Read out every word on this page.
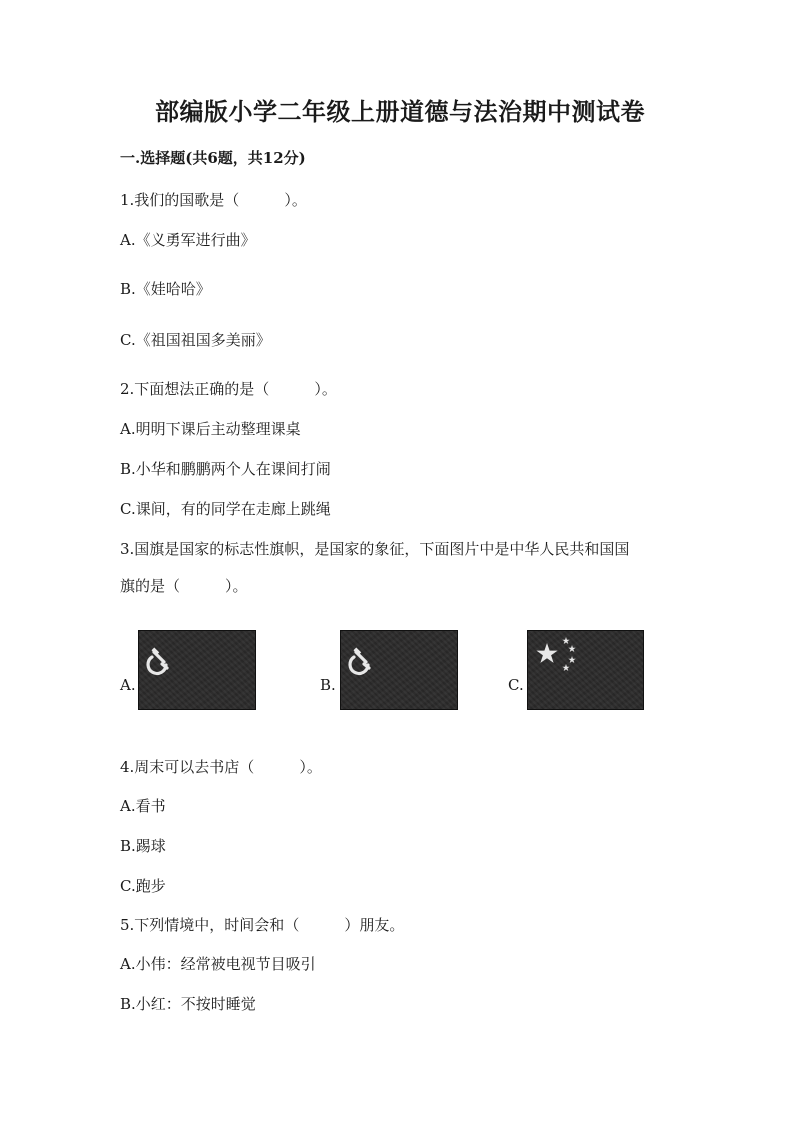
部编版小学二年级上册道德与法治期中测试卷
一.选择题(共6题，共12分)
1.我们的国歌是（　　　）。
A.《义勇军进行曲》
B.《娃哈哈》
C.《祖国祖国多美丽》
2.下面想法正确的是（　　　）。
A.明明下课后主动整理课桌
B.小华和鹏鹏两个人在课间打闹
C.课间，有的同学在走廊上跳绳
3.国旗是国家的标志性旗帜，是国家的象征，下面图片中是中华人民共和国国
旗的是（　　　）。
A.	B.	C.
4.周末可以去书店（　　　）。
A.看书
B.踢球
C.跑步
5.下列情境中，时间会和（　　　）朋友。
A.小伟：经常被电视节目吸引
B.小红：不按时睡觉
